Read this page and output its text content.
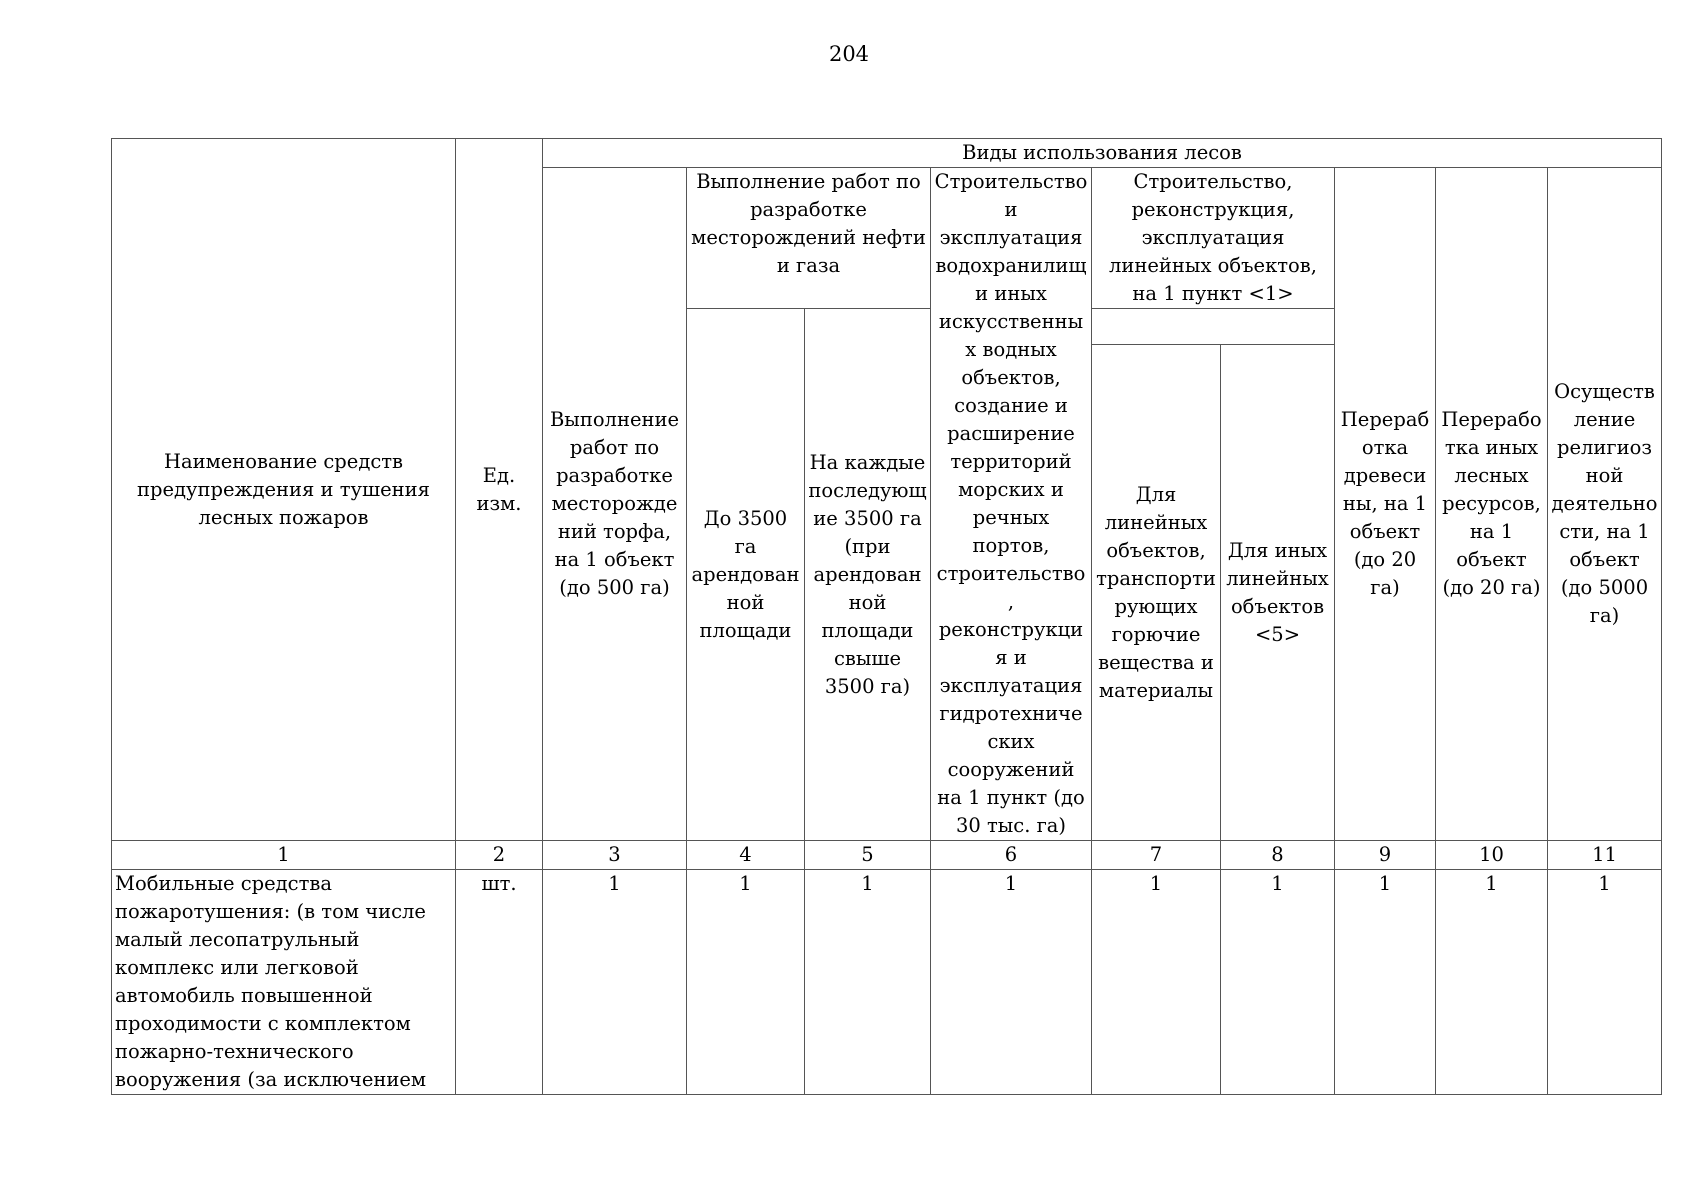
204
Наименование средств предупреждения и тушения лесных пожаров	Ед. изм.	Виды использования лесов								
		Выполнение работ по разработке месторождений торфа, на 1 объект (до 500 га)	Выполнение работ по разработке месторождений нефти и газа		Строительство и эксплуатация водохранилищ и иных искусственных водных объектов, создание и расширение территорий морских и речных портов, строительство, реконструкция и эксплуатация гидротехнических сооружений на 1 пункт (до 30 тыс. га)	Строительство, реконструкция, эксплуатация линейных объектов, на 1 пункт <1>		Переработка древесины, на 1 объект (до 20 га)	Переработка иных лесных ресурсов, на 1 объект (до 20 га)	Осуществление религиозной деятельности, на 1 объект (до 5000 га)
			До 3500 га арендованной площади	На каждые последующие 3500 га (при арендованной площади свыше 3500 га)						
						Для линейных объектов, транспортирующих горючие вещества и материалы	Для иных линейных объектов <5>			
1	2	3	4	5	6	7	8	9	10	11
Мобильные средства пожаротушения: (в том числе малый лесопатрульный комплекс или легковой автомобиль повышенной проходимости с комплектом пожарно-технического вооружения (за исключением	шт.	1	1	1	1	1	1	1	1	1
